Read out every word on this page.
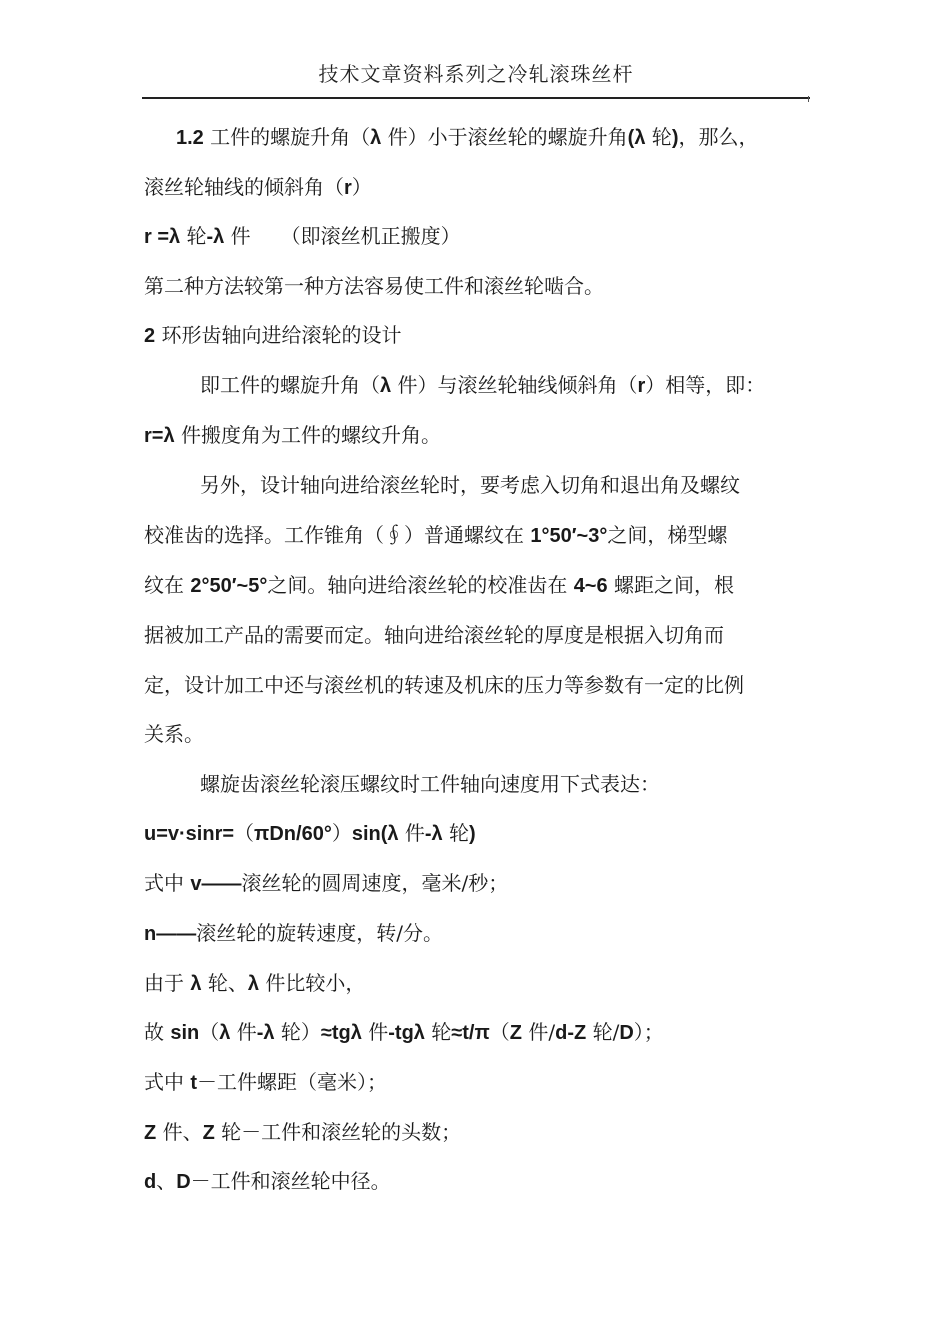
技术文章资料系列之冷轧滚珠丝杆
1.2 工件的螺旋升角（λ 件）小于滚丝轮的螺旋升角(λ 轮)，那么，
滚丝轮轴线的倾斜角（r）
r =λ 轮-λ 件　　（即滚丝机正搬度）
第二种方法较第一种方法容易使工件和滚丝轮啮合。
2 环形齿轴向进给滚轮的设计
即工件的螺旋升角（λ 件）与滚丝轮轴线倾斜角（r）相等，即：
r=λ 件搬度角为工件的螺纹升角。
另外，设计轴向进给滚丝轮时，要考虑入切角和退出角及螺纹
校准齿的选择。工作锥角（∮）普通螺纹在 1°50′~3°之间，梯型螺
纹在 2°50′~5°之间。轴向进给滚丝轮的校准齿在 4~6 螺距之间，根
据被加工产品的需要而定。轴向进给滚丝轮的厚度是根据入切角而
定，设计加工中还与滚丝机的转速及机床的压力等参数有一定的比例
关系。
螺旋齿滚丝轮滚压螺纹时工件轴向速度用下式表达：
u=v·sinr=（πDn/60°）sin(λ 件-λ 轮)
式中 v——滚丝轮的圆周速度，毫米/秒；
n——滚丝轮的旋转速度，转/分。
由于 λ 轮、λ 件比较小，
故 sin（λ 件-λ 轮）≈tgλ 件-tgλ 轮≈t/π（Z 件/d-Z 轮/D）；
式中 t－工件螺距（毫米）；
Z 件、Z 轮－工件和滚丝轮的头数；
d、D－工件和滚丝轮中径。
